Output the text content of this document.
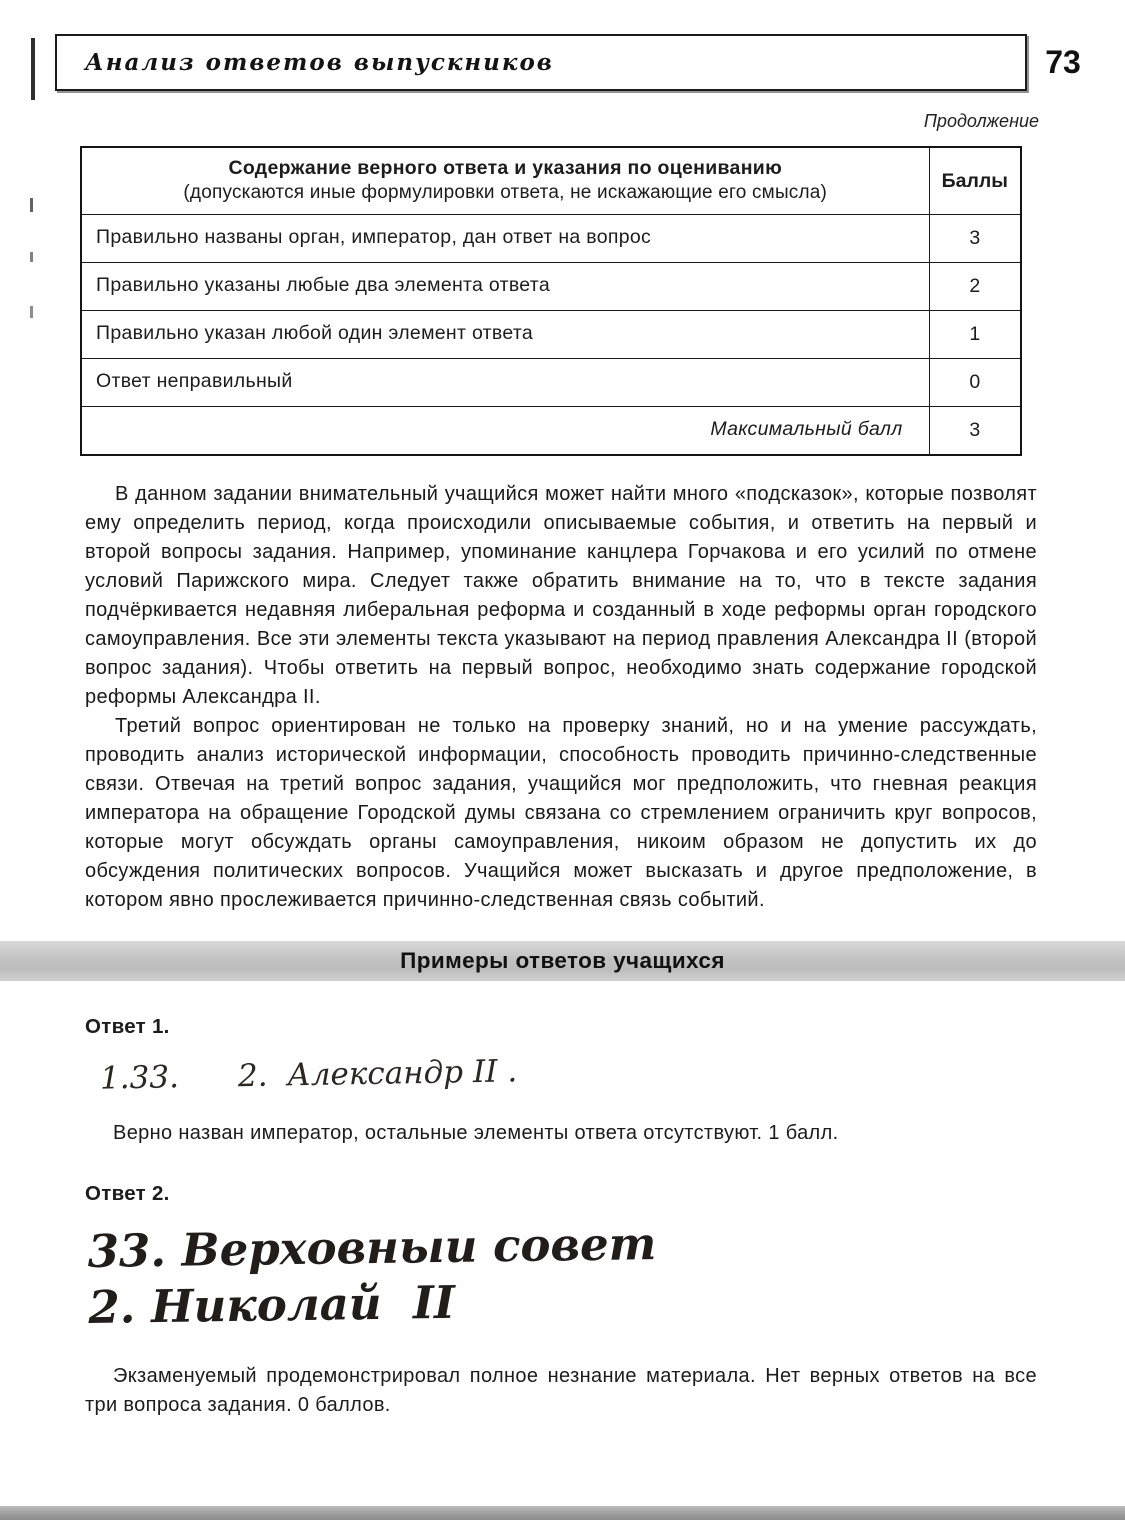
Анализ ответов выпускников	73
Продолжение
Содержание верного ответа и указания по оцениванию
(допускаются иные формулировки ответа, не искажающие его смысла)	Баллы
Правильно названы орган, император, дан ответ на вопрос	3
Правильно указаны любые два элемента ответа	2
Правильно указан любой один элемент ответа	1
Ответ неправильный	0
Максимальный балл	3

В данном задании внимательный учащийся может найти много «подсказок», которые позволят ему определить период, когда происходили описываемые события, и ответить на первый и второй вопросы задания. Например, упоминание канцлера Горчакова и его усилий по отмене условий Парижского мира. Следует также обратить внимание на то, что в тексте задания подчёркивается недавняя либеральная реформа и созданный в ходе реформы орган городского самоуправления. Все эти элементы текста указывают на период правления Александра II (второй вопрос задания). Чтобы ответить на первый вопрос, необходимо знать содержание городской реформы Александра II.

Третий вопрос ориентирован не только на проверку знаний, но и на умение рассуждать, проводить анализ исторической информации, способность проводить причинно-следственные связи. Отвечая на третий вопрос задания, учащийся мог предположить, что гневная реакция императора на обращение Городской думы связана со стремлением ограничить круг вопросов, которые могут обсуждать органы самоуправления, никоим образом не допустить их до обсуждения политических вопросов. Учащийся может высказать и другое предположение, в котором явно прослеживается причинно-следственная связь событий.

Примеры ответов учащихся
Ответ 1.
1.33.      2.  Александр II .

Верно назван император, остальные элементы ответа отсутствуют. 1 балл.

Ответ 2.
33. Верховныи совет
2. Николай  II

Экзаменуемый продемонстрировал полное незнание материала. Нет верных ответов на все три вопроса задания. 0 баллов.
